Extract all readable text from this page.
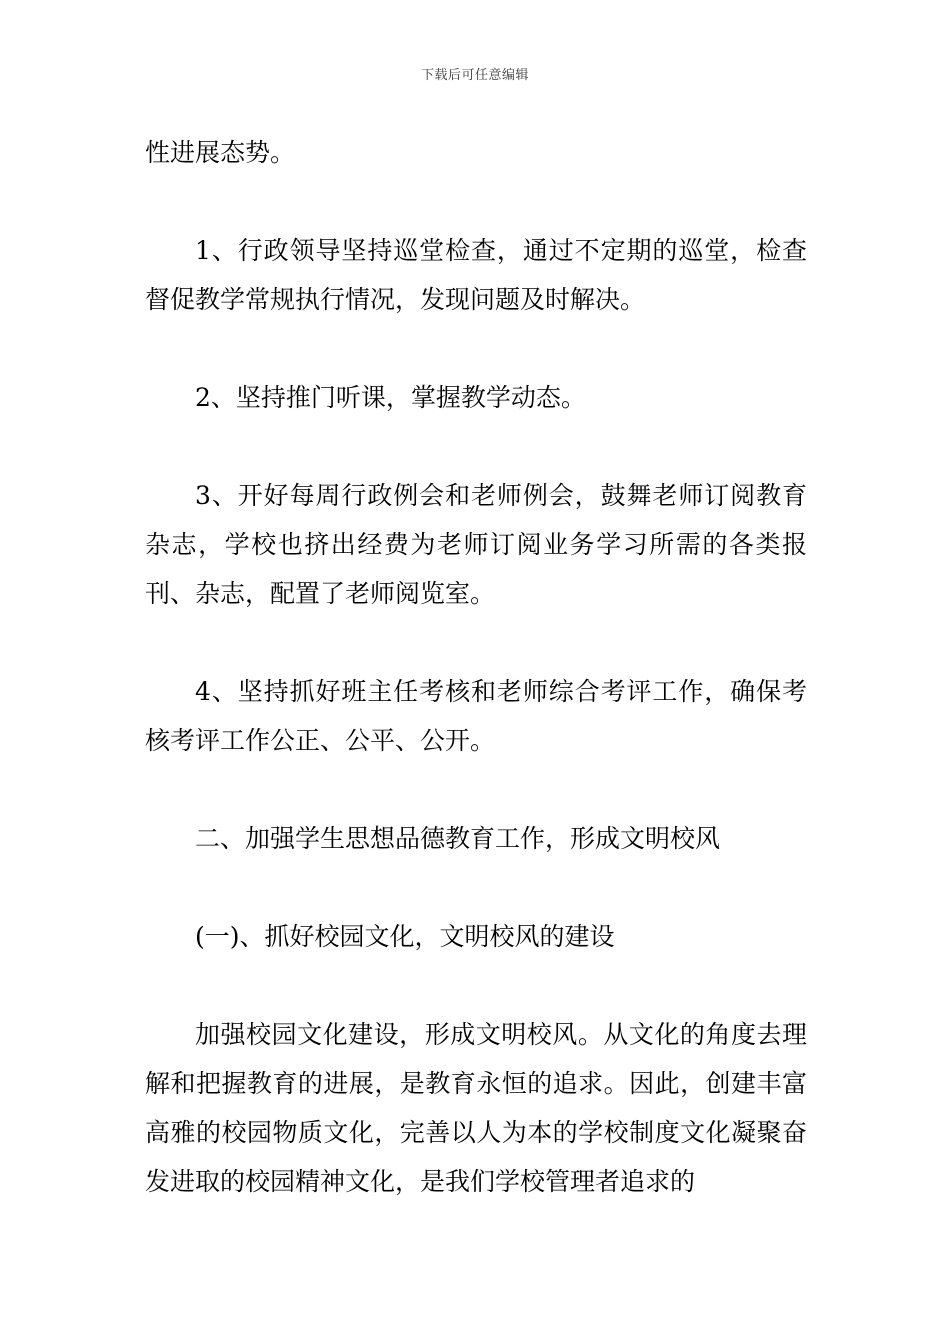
下载后可任意编辑

性进展态势。

1、行政领导坚持巡堂检查，通过不定期的巡堂，检查督促教学常规执行情况，发现问题及时解决。

2、坚持推门听课，掌握教学动态。

3、开好每周行政例会和老师例会，鼓舞老师订阅教育杂志，学校也挤出经费为老师订阅业务学习所需的各类报刊、杂志，配置了老师阅览室。

4、坚持抓好班主任考核和老师综合考评工作，确保考核考评工作公正、公平、公开。

二、加强学生思想品德教育工作，形成文明校风

(一)、抓好校园文化，文明校风的建设

加强校园文化建设，形成文明校风。从文化的角度去理解和把握教育的进展，是教育永恒的追求。因此，创建丰富高雅的校园物质文化，完善以人为本的学校制度文化凝聚奋发进取的校园精神文化，是我们学校管理者追求的
